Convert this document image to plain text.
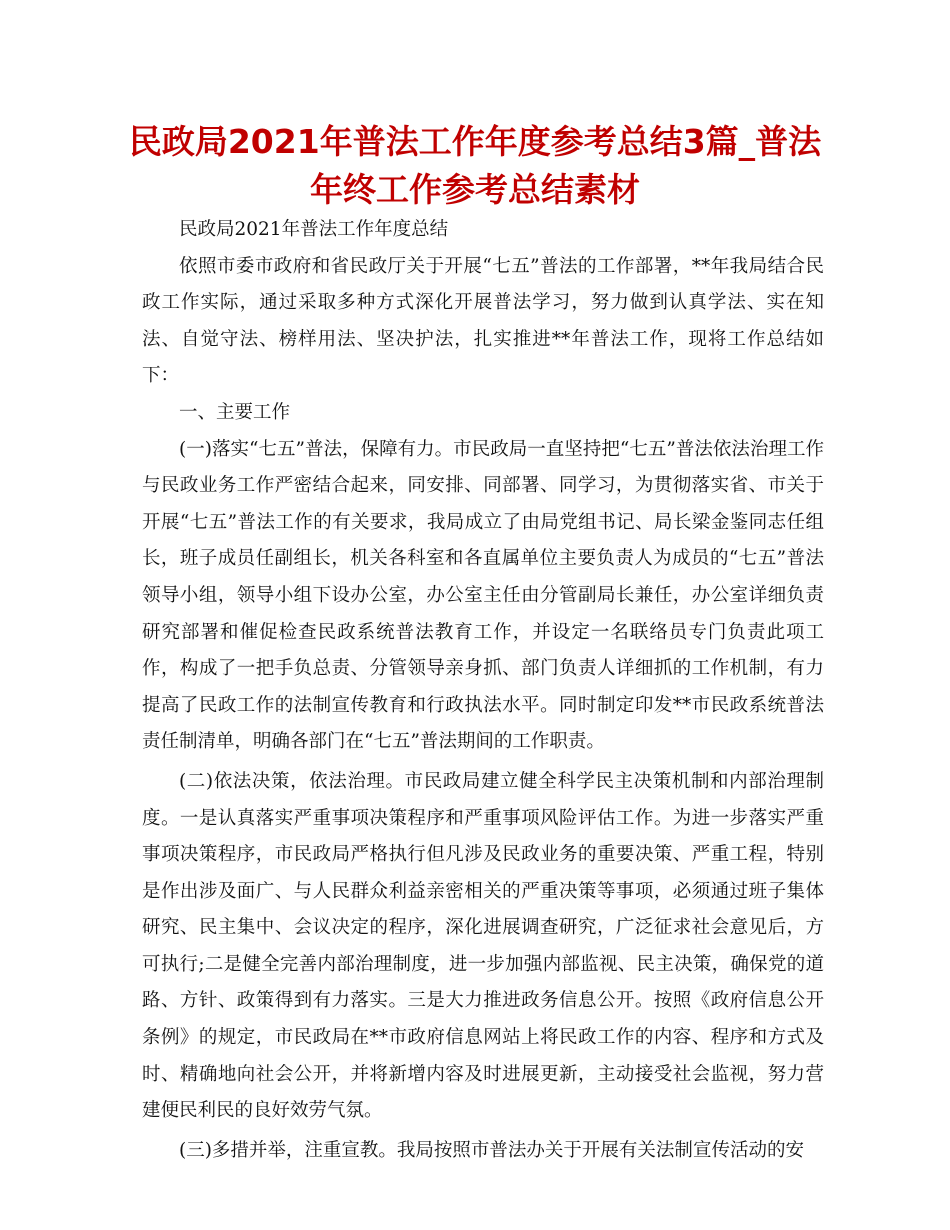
民政局2021年普法工作年度参考总结3篇_普法年终工作参考总结素材

民政局2021年普法工作年度总结

依照市委市政府和省民政厅关于开展“七五”普法的工作部署，**年我局结合民政工作实际，通过采取多种方式深化开展普法学习，努力做到认真学法、实在知法、自觉守法、榜样用法、坚决护法，扎实推进**年普法工作，现将工作总结如下：

一、主要工作

(一)落实“七五”普法，保障有力。市民政局一直坚持把“七五”普法依法治理工作与民政业务工作严密结合起来，同安排、同部署、同学习，为贯彻落实省、市关于开展“七五”普法工作的有关要求，我局成立了由局党组书记、局长梁金鉴同志任组长，班子成员任副组长，机关各科室和各直属单位主要负责人为成员的“七五”普法领导小组，领导小组下设办公室，办公室主任由分管副局长兼任，办公室详细负责研究部署和催促检查民政系统普法教育工作，并设定一名联络员专门负责此项工作，构成了一把手负总责、分管领导亲身抓、部门负责人详细抓的工作机制，有力提高了民政工作的法制宣传教育和行政执法水平。同时制定印发**市民政系统普法责任制清单，明确各部门在“七五”普法期间的工作职责。

(二)依法决策，依法治理。市民政局建立健全科学民主决策机制和内部治理制度。一是认真落实严重事项决策程序和严重事项风险评估工作。为进一步落实严重事项决策程序，市民政局严格执行但凡涉及民政业务的重要决策、严重工程，特别是作出涉及面广、与人民群众利益亲密相关的严重决策等事项，必须通过班子集体研究、民主集中、会议决定的程序，深化进展调查研究，广泛征求社会意见后，方可执行;二是健全完善内部治理制度，进一步加强内部监视、民主决策，确保党的道路、方针、政策得到有力落实。三是大力推进政务信息公开。按照《政府信息公开条例》的规定，市民政局在**市政府信息网站上将民政工作的内容、程序和方式及时、精确地向社会公开，并将新增内容及时进展更新，主动接受社会监视，努力营建便民利民的良好效劳气氛。

(三)多措并举，注重宣教。我局按照市普法办关于开展有关法制宣传活动的安
